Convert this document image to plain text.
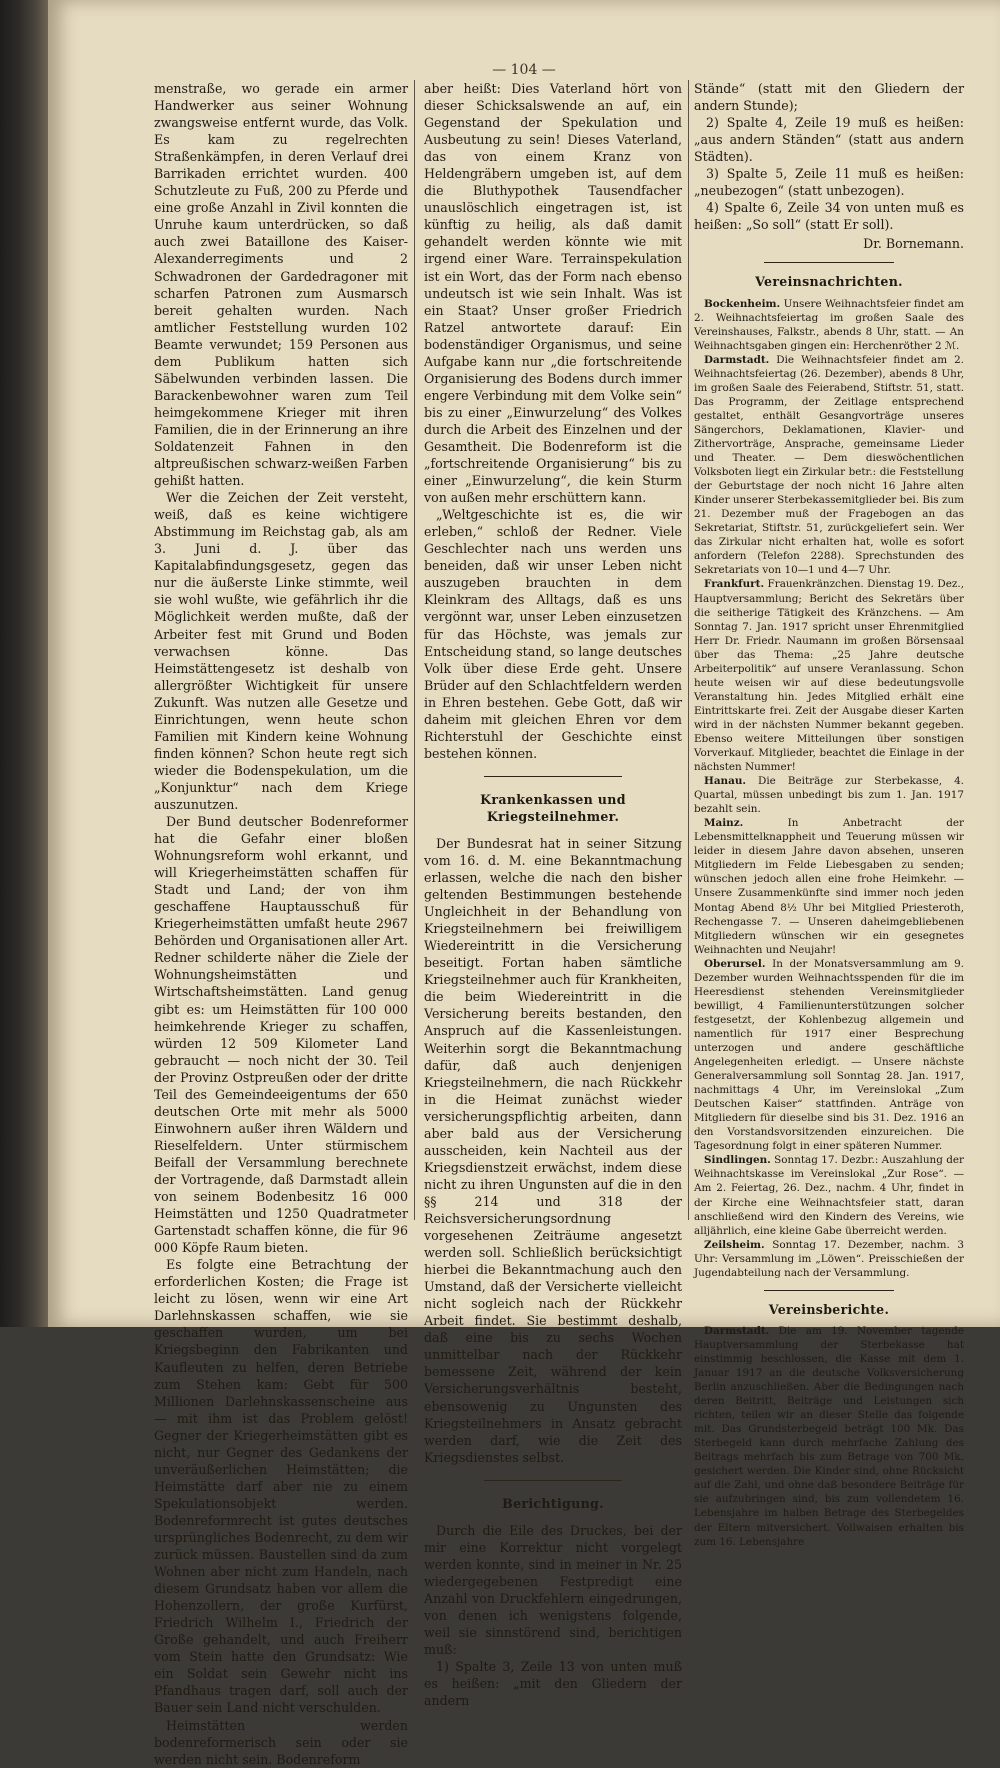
— 104 —

menstraße, wo gerade ein armer Handwerker aus seiner Wohnung zwangsweise entfernt wurde, das Volk. Es kam zu regelrechten Straßenkämpfen, in deren Verlauf drei Barrikaden errichtet wurden. 400 Schutzleute zu Fuß, 200 zu Pferde und eine große Anzahl in Zivil konnten die Unruhe kaum unterdrücken, so daß auch zwei Bataillone des Kaiser-Alexanderregiments und 2 Schwadronen der Gardedragoner mit scharfen Patronen zum Ausmarsch bereit gehalten wurden. Nach amtlicher Feststellung wurden 102 Beamte verwundet; 159 Personen aus dem Publikum hatten sich Säbelwunden verbinden lassen. Die Barackenbewohner waren zum Teil heimgekommene Krieger mit ihren Familien, die in der Erinnerung an ihre Soldatenzeit Fahnen in den altpreußischen schwarz-weißen Farben gehißt hatten.

Wer die Zeichen der Zeit versteht, weiß, daß es keine wichtigere Abstimmung im Reichstag gab, als am 3. Juni d. J. über das Kapitalabfindungsgesetz, gegen das nur die äußerste Linke stimmte, weil sie wohl wußte, wie gefährlich ihr die Möglichkeit werden mußte, daß der Arbeiter fest mit Grund und Boden verwachsen könne. Das Heimstättengesetz ist deshalb von allergrößter Wichtigkeit für unsere Zukunft. Was nutzen alle Gesetze und Einrichtungen, wenn heute schon Familien mit Kindern keine Wohnung finden können? Schon heute regt sich wieder die Bodenspekulation, um die „Konjunktur“ nach dem Kriege auszunutzen.

Der Bund deutscher Bodenreformer hat die Gefahr einer bloßen Wohnungsreform wohl erkannt, und will Kriegerheimstätten schaffen für Stadt und Land; der von ihm geschaffene Hauptausschuß für Kriegerheimstätten umfaßt heute 2967 Behörden und Organisationen aller Art. Redner schilderte näher die Ziele der Wohnungsheimstätten und Wirtschaftsheimstätten. Land genug gibt es: um Heimstätten für 100 000 heimkehrende Krieger zu schaffen, würden 12 509 Kilometer Land gebraucht — noch nicht der 30. Teil der Provinz Ostpreußen oder der dritte Teil des Gemeindeeigentums der 650 deutschen Orte mit mehr als 5000 Einwohnern außer ihren Wäldern und Rieselfeldern. Unter stürmischem Beifall der Versammlung berechnete der Vortragende, daß Darmstadt allein von seinem Bodenbesitz 16 000 Heimstätten und 1250 Quadratmeter Gartenstadt schaffen könne, die für 96 000 Köpfe Raum bieten.

Es folgte eine Betrachtung der erforderlichen Kosten; die Frage ist leicht zu lösen, wenn wir eine Art Darlehnskassen schaffen, wie sie geschaffen wurden, um bei Kriegsbeginn den Fabrikanten und Kaufleuten zu helfen, deren Betriebe zum Stehen kam: Gebt für 500 Millionen Darlehnskassenscheine aus — mit ihm ist das Problem gelöst! Gegner der Kriegerheimstätten gibt es nicht, nur Gegner des Gedankens der unveräußerlichen Heimstätten; die Heimstätte darf aber nie zu einem Spekulationsobjekt werden. Bodenreformrecht ist gutes deutsches ursprüngliches Bodenrecht, zu dem wir zurück müssen. Baustellen sind da zum Wohnen aber nicht zum Handeln, nach diesem Grundsatz haben vor allem die Hohenzollern, der große Kurfürst, Friedrich Wilhelm I., Friedrich der Große gehandelt, und auch Freiherr vom Stein hatte den Grundsatz: Wie ein Soldat sein Gewehr nicht ins Pfandhaus tragen darf, soll auch der Bauer sein Land nicht verschulden.

Heimstätten werden bodenreformerisch sein oder sie werden nicht sein. Bodenreform

aber heißt: Dies Vaterland hört von dieser Schicksalswende an auf, ein Gegenstand der Spekulation und Ausbeutung zu sein! Dieses Vaterland, das von einem Kranz von Heldengräbern umgeben ist, auf dem die Bluthypothek Tausendfacher unauslöschlich eingetragen ist, ist künftig zu heilig, als daß damit gehandelt werden könnte wie mit irgend einer Ware. Terrainspekulation ist ein Wort, das der Form nach ebenso undeutsch ist wie sein Inhalt. Was ist ein Staat? Unser großer Friedrich Ratzel antwortete darauf: Ein bodenständiger Organismus, und seine Aufgabe kann nur „die fortschreitende Organisierung des Bodens durch immer engere Verbindung mit dem Volke sein“ bis zu einer „Einwurzelung“ des Volkes durch die Arbeit des Einzelnen und der Gesamtheit. Die Bodenreform ist die „fortschreitende Organisierung“ bis zu einer „Einwurzelung“, die kein Sturm von außen mehr erschüttern kann.

„Weltgeschichte ist es, die wir erleben,“ schloß der Redner. Viele Geschlechter nach uns werden uns beneiden, daß wir unser Leben nicht auszugeben brauchten in dem Kleinkram des Alltags, daß es uns vergönnt war, unser Leben einzusetzen für das Höchste, was jemals zur Entscheidung stand, so lange deutsches Volk über diese Erde geht. Unsere Brüder auf den Schlachtfeldern werden in Ehren bestehen. Gebe Gott, daß wir daheim mit gleichen Ehren vor dem Richterstuhl der Geschichte einst bestehen können.

Krankenkassen und Kriegsteilnehmer.

Der Bundesrat hat in seiner Sitzung vom 16. d. M. eine Bekanntmachung erlassen, welche die nach den bisher geltenden Bestimmungen bestehende Ungleichheit in der Behandlung von Kriegsteilnehmern bei freiwilligem Wiedereintritt in die Versicherung beseitigt. Fortan haben sämtliche Kriegsteilnehmer auch für Krankheiten, die beim Wiedereintritt in die Versicherung bereits bestanden, den Anspruch auf die Kassenleistungen. Weiterhin sorgt die Bekanntmachung dafür, daß auch denjenigen Kriegsteilnehmern, die nach Rückkehr in die Heimat zunächst wieder versicherungspflichtig arbeiten, dann aber bald aus der Versicherung ausscheiden, kein Nachteil aus der Kriegsdienstzeit erwächst, indem diese nicht zu ihren Ungunsten auf die in den §§ 214 und 318 der Reichsversicherungsordnung vorgesehenen Zeiträume angesetzt werden soll. Schließlich berücksichtigt hierbei die Bekanntmachung auch den Umstand, daß der Versicherte vielleicht nicht sogleich nach der Rückkehr Arbeit findet. Sie bestimmt deshalb, daß eine bis zu sechs Wochen unmittelbar nach der Rückkehr bemessene Zeit, während der kein Versicherungsverhältnis besteht, ebensowenig zu Ungunsten des Kriegsteilnehmers in Ansatz gebracht werden darf, wie die Zeit des Kriegsdienstes selbst.

Berichtigung.

Durch die Eile des Druckes, bei der mir eine Korrektur nicht vorgelegt werden konnte, sind in meiner in Nr. 25 wiedergegebenen Festpredigt eine Anzahl von Druckfehlern eingedrungen, von denen ich wenigstens folgende, weil sie sinnstörend sind, berichtigen muß:

1) Spalte 3, Zeile 13 von unten muß es heißen: „mit den Gliedern der andern

Stände“ (statt mit den Gliedern der andern Stunde);

2) Spalte 4, Zeile 19 muß es heißen: „aus andern Ständen“ (statt aus andern Städten).

3) Spalte 5, Zeile 11 muß es heißen: „neubezogen“ (statt unbezogen).

4) Spalte 6, Zeile 34 von unten muß es heißen: „So soll“ (statt Er soll).

Dr. Bornemann.
Vereinsnachrichten.

Bockenheim. Unsere Weihnachtsfeier findet am 2. Weihnachtsfeiertag im großen Saale des Vereinshauses, Falkstr., abends 8 Uhr, statt. — An Weihnachtsgaben gingen ein: Herchenröther 2 ℳ.

Darmstadt. Die Weihnachtsfeier findet am 2. Weihnachtsfeiertag (26. Dezember), abends 8 Uhr, im großen Saale des Feierabend, Stiftstr. 51, statt. Das Programm, der Zeitlage entsprechend gestaltet, enthält Gesangvorträge unseres Sängerchors, Deklamationen, Klavier- und Zithervorträge, Ansprache, gemeinsame Lieder und Theater. — Dem dieswöchentlichen Volksboten liegt ein Zirkular betr.: die Feststellung der Geburtstage der noch nicht 16 Jahre alten Kinder unserer Sterbekassemitglieder bei. Bis zum 21. Dezember muß der Fragebogen an das Sekretariat, Stiftstr. 51, zurückgeliefert sein. Wer das Zirkular nicht erhalten hat, wolle es sofort anfordern (Telefon 2288). Sprechstunden des Sekretariats von 10—1 und 4—7 Uhr.

Frankfurt. Frauenkränzchen. Dienstag 19. Dez., Hauptversammlung; Bericht des Sekretärs über die seitherige Tätigkeit des Kränzchens. — Am Sonntag 7. Jan. 1917 spricht unser Ehrenmitglied Herr Dr. Friedr. Naumann im großen Börsensaal über das Thema: „25 Jahre deutsche Arbeiterpolitik“ auf unsere Veranlassung. Schon heute weisen wir auf diese bedeutungsvolle Veranstaltung hin. Jedes Mitglied erhält eine Eintrittskarte frei. Zeit der Ausgabe dieser Karten wird in der nächsten Nummer bekannt gegeben. Ebenso weitere Mitteilungen über sonstigen Vorverkauf. Mitglieder, beachtet die Einlage in der nächsten Nummer!

Hanau. Die Beiträge zur Sterbekasse, 4. Quartal, müssen unbedingt bis zum 1. Jan. 1917 bezahlt sein.

Mainz.	In Anbetracht der Lebensmittelknappheit und Teuerung müssen wir leider in diesem Jahre davon absehen, unseren Mitgliedern im Felde Liebesgaben zu senden; wünschen jedoch allen eine frohe Heimkehr. — Unsere Zusammenkünfte sind immer noch jeden Montag Abend 8½ Uhr bei Mitglied Priesteroth, Rechengasse 7. — Unseren daheimgebliebenen Mitgliedern wünschen wir ein gesegnetes Weihnachten und Neujahr!

Oberursel. In der Monatsversammlung am 9. Dezember wurden Weihnachtsspenden für die im Heeresdienst stehenden Vereinsmitglieder bewilligt, 4 Familienunterstützungen solcher festgesetzt, der Kohlenbezug allgemein und namentlich für 1917 einer Besprechung unterzogen und andere geschäftliche Angelegenheiten erledigt. — Unsere nächste Generalversammlung soll Sonntag 28. Jan. 1917, nachmittags 4 Uhr, im Vereinslokal „Zum Deutschen Kaiser“ stattfinden. Anträge von Mitgliedern für dieselbe sind bis 31. Dez. 1916 an den Vorstandsvorsitzenden einzureichen. Die Tagesordnung folgt in einer späteren Nummer.

Sindlingen. Sonntag 17. Dezbr.: Auszahlung der Weihnachtskasse im Vereinslokal „Zur Rose“. — Am 2. Feiertag, 26. Dez., nachm. 4 Uhr, findet in der Kirche eine Weihnachtsfeier statt, daran anschließend wird den Kindern des Vereins, wie alljährlich, eine kleine Gabe überreicht werden.

Zeilsheim. Sonntag 17. Dezember, nachm. 3 Uhr: Versammlung im „Löwen“. Preisschießen der Jugendabteilung nach der Versammlung.

Vereinsberichte.

Darmstadt. Die am 19. November tagende Hauptversammlung der Sterbekasse hat einstimmig beschlossen, die Kasse mit dem 1. Januar 1917 an die deutsche Volksversicherung Berlin anzuschließen. Aber die Bedingungen nach deren Beitritt, Beiträge und Leistungen sich richten, teilen wir an dieser Stelle das folgende mit. Das Grundsterbegeld beträgt 100 Mk. Das Sterbegeld kann durch mehrfache Zahlung des Beitrags mehrfach bis zum Betrage von 700 Mk. gesichert werden. Die Kinder sind, ohne Rücksicht auf die Zahl, und ohne daß besondere Beiträge für sie aufzubringen sind, bis zum vollendetem 16. Lebensjahre im halben Betrage des Sterbegeldes der Eltern mitversichert. Vollwaisen erhalten bis zum 16. Lebensjahre
